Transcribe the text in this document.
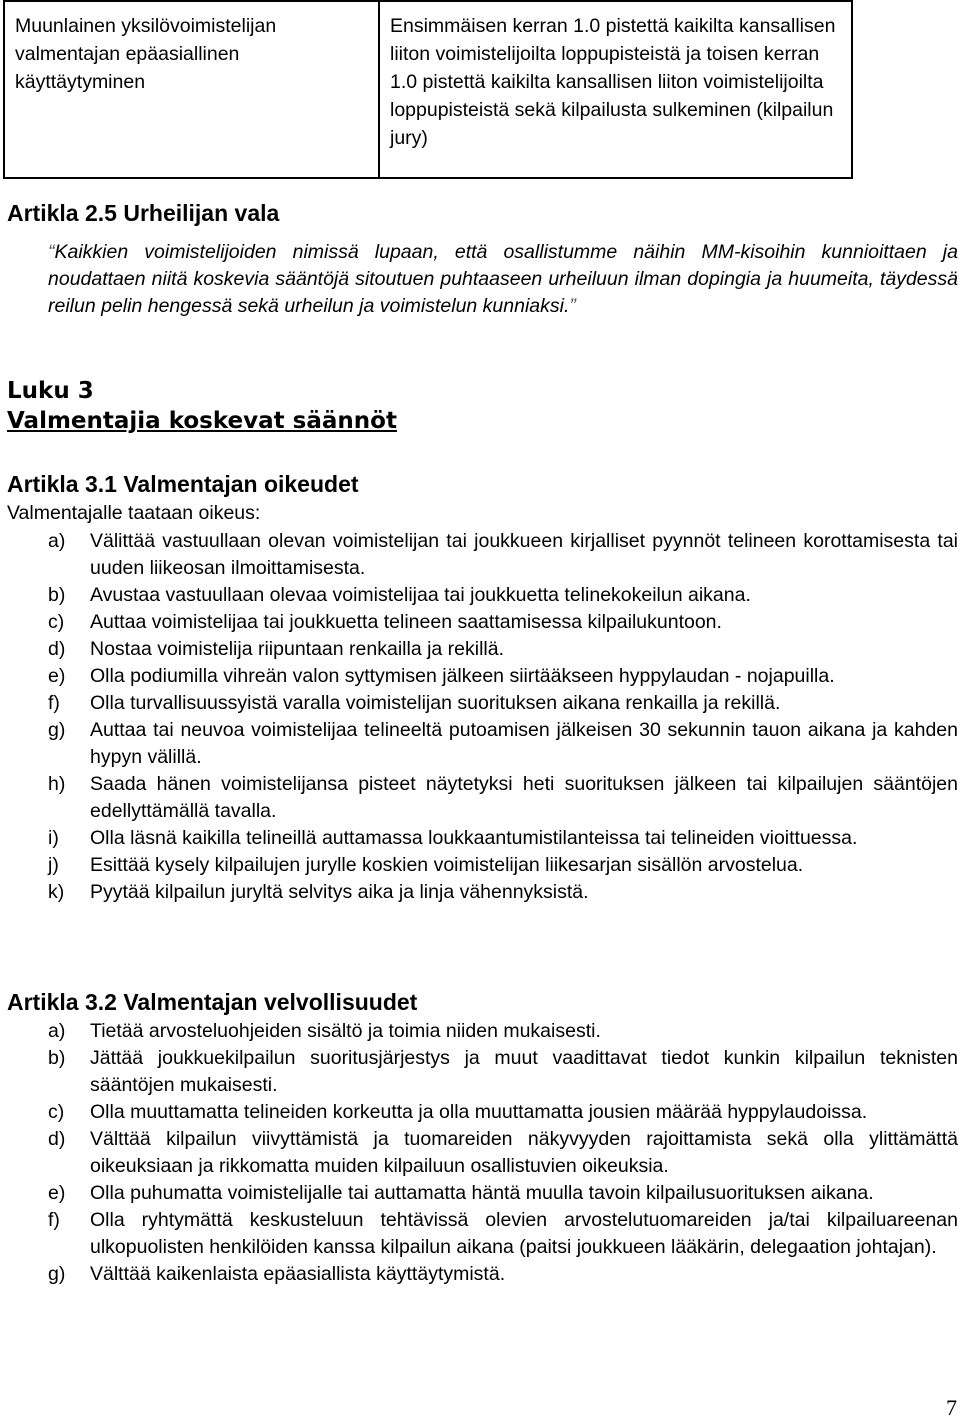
Muunlainen yksilövoimistelijan valmentajan epäasiallinen käyttäytyminen
Ensimmäisen kerran 1.0 pistettä kaikilta kansallisen liiton voimistelijoilta loppupisteistä ja toisen kerran 1.0 pistettä kaikilta kansallisen liiton voimistelijoilta loppupisteistä sekä kilpailusta sulkeminen (kilpailun jury)
Artikla 2.5 Urheilijan vala
“Kaikkien voimistelijoiden nimissä lupaan, että osallistumme näihin MM-kisoihin kunnioittaen ja noudattaen niitä koskevia sääntöjä sitoutuen puhtaaseen urheiluun ilman dopingia ja huumeita, täydessä reilun pelin hengessä sekä urheilun ja voimistelun kunniaksi.”
Luku 3
Valmentajia koskevat säännöt
Artikla 3.1 Valmentajan oikeudet
Valmentajalle taataan oikeus:
a) Välittää vastuullaan olevan voimistelijan tai joukkueen kirjalliset pyynnöt telineen korottamisesta tai uuden liikeosan ilmoittamisesta.
b) Avustaa vastuullaan olevaa voimistelijaa tai joukkuetta telinekokeilun aikana.
c) Auttaa voimistelijaa tai joukkuetta telineen saattamisessa kilpailukuntoon.
d) Nostaa voimistelija riipuntaan renkailla ja rekillä.
e) Olla podiumilla vihreän valon syttymisen jälkeen siirtääkseen hyppylaudan - nojapuilla.
f) Olla turvallisuussyistä varalla voimistelijan suorituksen aikana renkailla ja rekillä.
g) Auttaa tai neuvoa voimistelijaa telineeltä putoamisen jälkeisen 30 sekunnin tauon aikana ja kahden hypyn välillä.
h) Saada hänen voimistelijansa pisteet näytetyksi heti suorituksen jälkeen tai kilpailujen sääntöjen edellyttämällä tavalla.
i) Olla läsnä kaikilla telineillä auttamassa loukkaantumistilanteissa tai telineiden vioittuessa.
j) Esittää kysely kilpailujen jurylle koskien voimistelijan liikesarjan sisällön arvostelua.
k) Pyytää kilpailun juryltä selvitys aika ja linja vähennyksistä.
Artikla 3.2 Valmentajan velvollisuudet
a) Tietää arvosteluohjeiden sisältö ja toimia niiden mukaisesti.
b) Jättää joukkuekilpailun suoritusjärjestys ja muut vaadittavat tiedot kunkin kilpailun teknisten sääntöjen mukaisesti.
c) Olla muuttamatta telineiden korkeutta ja olla muuttamatta jousien määrää hyppylaudoissa.
d) Välttää kilpailun viivyttämistä ja tuomareiden näkyvyyden rajoittamista sekä olla ylittämättä oikeuksiaan ja rikkomatta muiden kilpailuun osallistuvien oikeuksia.
e) Olla puhumatta voimistelijalle tai auttamatta häntä muulla tavoin kilpailusuorituksen aikana.
f) Olla ryhtymättä keskusteluun tehtävissä olevien arvostelutuomareiden ja/tai kilpailuareenan ulkopuolisten henkilöiden kanssa kilpailun aikana (paitsi joukkueen lääkärin, delegaation johtajan).
g) Välttää kaikenlaista epäasiallista käyttäytymistä.
7
